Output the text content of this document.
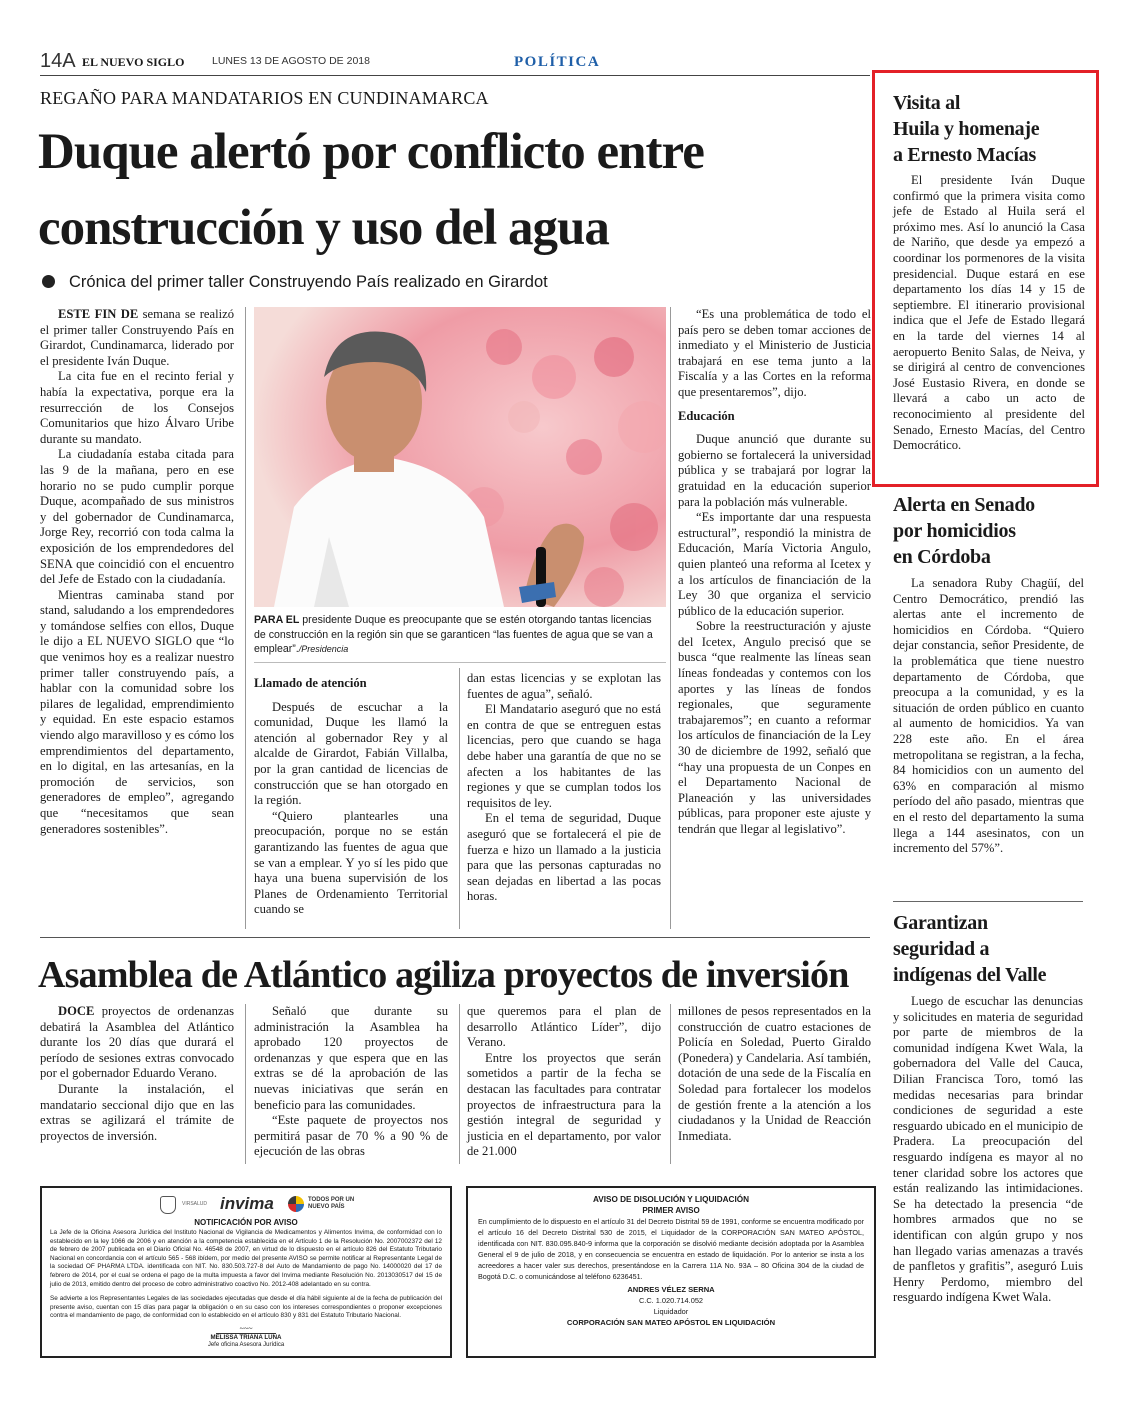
14A EL NUEVO SIGLO	LUNES 13 DE AGOSTO DE 2018	POLÍTICA
REGAÑO PARA MANDATARIOS EN CUNDINAMARCA
Duque alertó por conflicto entre
construcción y uso del agua
Crónica del primer taller Construyendo País realizado en Girardot

ESTE FIN DE semana se realizó el primer taller Construyendo País en Girardot, Cundinamarca, liderado por el presidente Iván Duque.

La cita fue en el recinto ferial y había la expectativa, porque era la resurrección de los Consejos Comunitarios que hizo Álvaro Uribe durante su mandato.

La ciudadanía estaba citada para las 9 de la mañana, pero en ese horario no se pudo cumplir porque Duque, acompañado de sus ministros y del gobernador de Cundinamarca, Jorge Rey, recorrió con toda calma la exposición de los emprendedores del SENA que coincidió con el encuentro del Jefe de Estado con la ciudadanía.

Mientras caminaba stand por stand, saludando a los emprendedores y tomándose selfies con ellos, Duque le dijo a EL NUEVO SIGLO que “lo que venimos hoy es a realizar nuestro primer taller construyendo país, a hablar con la comunidad sobre los pilares de legalidad, emprendimiento y equidad. En este espacio estamos viendo algo maravilloso y es cómo los emprendimientos del departamento, en lo digital, en las artesanías, en la promoción de servicios, son generadores de empleo”, agregando que “necesitamos que sean generadores sostenibles”.

PARA EL presidente Duque es preocupante que se estén otorgando tantas licencias de construcción en la región sin que se garanticen “las fuentes de agua que se van a emplear”./Presidencia
Llamado de atención

Después de escuchar a la comunidad, Duque les llamó la atención al gobernador Rey y al alcalde de Girardot, Fabián Villalba, por la gran cantidad de licencias de construcción que se han otorgado en la región.

“Quiero plantearles una preocupación, porque no se están garantizando las fuentes de agua que se van a emplear. Y yo sí les pido que haya una buena supervisión de los Planes de Ordenamiento Territorial cuando se

dan estas licencias y se explotan las fuentes de agua”, señaló.

El Mandatario aseguró que no está en contra de que se entreguen estas licencias, pero que cuando se haga debe haber una garantía de que no se afecten a los habitantes de las regiones y que se cumplan todos los requisitos de ley.

En el tema de seguridad, Duque aseguró que se fortalecerá el pie de fuerza e hizo un llamado a la justicia para que las personas capturadas no sean dejadas en libertad a las pocas horas.

“Es una problemática de todo el país pero se deben tomar acciones de inmediato y el Ministerio de Justicia trabajará en ese tema junto a la Fiscalía y a las Cortes en la reforma que presentaremos”, dijo.

Educación

Duque anunció que durante su gobierno se fortalecerá la universidad pública y se trabajará por lograr la gratuidad en la educación superior para la población más vulnerable.

“Es importante dar una respuesta estructural”, respondió la ministra de Educación, María Victoria Angulo, quien planteó una reforma al Icetex y a los artículos de financiación de la Ley 30 que organiza el servicio público de la educación superior.

Sobre la reestructuración y ajuste del Icetex, Angulo precisó que se busca “que realmente las líneas sean líneas fondeadas y contemos con los aportes y las líneas de fondos regionales, que seguramente trabajaremos”; en cuanto a reformar los artículos de financiación de la Ley 30 de diciembre de 1992, señaló que “hay una propuesta de un Conpes en el Departamento Nacional de Planeación y las universidades públicas, para proponer este ajuste y tendrán que llegar al legislativo”.

Asamblea de Atlántico agiliza proyectos de inversión

DOCE proyectos de ordenanzas debatirá la Asamblea del Atlántico durante los 20 días que durará el período de sesiones extras convocado por el gobernador Eduardo Verano.

Durante la instalación, el mandatario seccional dijo que en las extras se agilizará el trámite de proyectos de inversión.

Señaló que durante su administración la Asamblea ha aprobado 120 proyectos de ordenanzas y que espera que en las extras se dé la aprobación de las nuevas iniciativas que serán en beneficio para las comunidades.

“Este paquete de proyectos nos permitirá pasar de 70 % a 90 % de ejecución de las obras

que queremos para el plan de desarrollo Atlántico Líder”, dijo Verano.

Entre los proyectos que serán sometidos a partir de la fecha se destacan las facultades para contratar proyectos de infraestructura para la gestión integral de seguridad y justicia en el departamento, por valor de 21.000

millones de pesos representados en la construcción de cuatro estaciones de Policía en Soledad, Puerto Giraldo (Ponedera) y Candelaria. Así también, dotación de una sede de la Fiscalía en Soledad para fortalecer los modelos de gestión frente a la atención a los ciudadanos y la Unidad de Reacción Inmediata.

VIRSALUD invima	TODOS POR UN NUEVO PAÍS
NOTIFICACIÓN POR AVISO
La Jefe de la Oficina Asesora Jurídica del Instituto Nacional de Vigilancia de Medicamentos y Alimentos Invima, de conformidad con lo establecido en la ley 1066 de 2006 y en atención a la competencia establecida en el Artículo 1 de la Resolución No. 2007002372 del 12 de febrero de 2007 publicada en el Diario Oficial No. 46548 de 2007, en virtud de lo dispuesto en el artículo 826 del Estatuto Tributario Nacional en concordancia con el artículo 565 - 568 ibídem, por medio del presente AVISO se permite notificar al Representante Legal de la sociedad OF PHARMA LTDA. identificada con NIT. No. 830.503.727-8 del Auto de Mandamiento de pago No. 14000020 del 17 de febrero de 2014, por el cual se ordena el pago de la multa impuesta a favor del Invima mediante Resolución No. 2013030517 del 15 de julio de 2013, emitido dentro del proceso de cobro administrativo coactivo No. 2012-408 adelantado en su contra.
Se advierte a los Representantes Legales de las sociedades ejecutadas que desde el día hábil siguiente al de la fecha de publicación del presente aviso, cuentan con 15 días para pagar la obligación o en su caso con los intereses correspondientes o proponer excepciones contra el mandamiento de pago, de conformidad con lo establecido en el artículo 830 y 831 del Estatuto Tributario Nacional.
~~~
MELISSA TRIANA LUNA
Jefe oficina Asesora Jurídica
AVISO DE DISOLUCIÓN Y LIQUIDACIÓN
PRIMER AVISO
En cumplimiento de lo dispuesto en el artículo 31 del Decreto Distrital 59 de 1991, conforme se encuentra modificado por el artículo 16 del Decreto Distrital 530 de 2015, el Liquidador de la CORPORACIÓN SAN MATEO APÓSTOL, identificada con NIT. 830.095.840-9 informa que la corporación se disolvió mediante decisión adoptada por la Asamblea General el 9 de julio de 2018, y en consecuencia se encuentra en estado de liquidación. Por lo anterior se insta a los acreedores a hacer valer sus derechos, presentándose en la Carrera 11A No. 93A – 80 Oficina 304 de la ciudad de Bogotá D.C. o comunicándose al teléfono 6236451.
ANDRES VÉLEZ SERNA
C.C. 1.020.714.052
Liquidador
CORPORACIÓN SAN MATEO APÓSTOL EN LIQUIDACIÓN
Visita al
Huila y homenaje
a Ernesto Macías

El presidente Iván Duque confirmó que la primera visita como jefe de Estado al Huila será el próximo mes. Así lo anunció la Casa de Nariño, que desde ya empezó a coordinar los pormenores de la visita presidencial. Duque estará en ese departamento los días 14 y 15 de septiembre. El itinerario provisional indica que el Jefe de Estado llegará en la tarde del viernes 14 al aeropuerto Benito Salas, de Neiva, y se dirigirá al centro de convenciones José Eustasio Rivera, en donde se llevará a cabo un acto de reconocimiento al presidente del Senado, Ernesto Macías, del Centro Democrático.

Alerta en Senado
por homicidios
en Córdoba

La senadora Ruby Chagüí, del Centro Democrático, prendió las alertas ante el incremento de homicidios en Córdoba. “Quiero dejar constancia, señor Presidente, de la problemática que tiene nuestro departamento de Córdoba, que preocupa a la comunidad, y es la situación de orden público en cuanto al aumento de homicidios. Ya van 228 este año. En el área metropolitana se registran, a la fecha, 84 homicidios con un aumento del 63% en comparación al mismo período del año pasado, mientras que en el resto del departamento la suma llega a 144 asesinatos, con un incremento del 57%”.

Garantizan
seguridad a
indígenas del Valle

Luego de escuchar las denuncias y solicitudes en materia de seguridad por parte de miembros de la comunidad indígena Kwet Wala, la gobernadora del Valle del Cauca, Dilian Francisca Toro, tomó las medidas necesarias para brindar condiciones de seguridad a este resguardo ubicado en el municipio de Pradera. La preocupación del resguardo indígena es mayor al no tener claridad sobre los actores que están realizando las intimidaciones. Se ha detectado la presencia “de hombres armados que no se identifican con algún grupo y nos han llegado varias amenazas a través de panfletos y grafitis”, aseguró Luis Henry Perdomo, miembro del resguardo indígena Kwet Wala.
